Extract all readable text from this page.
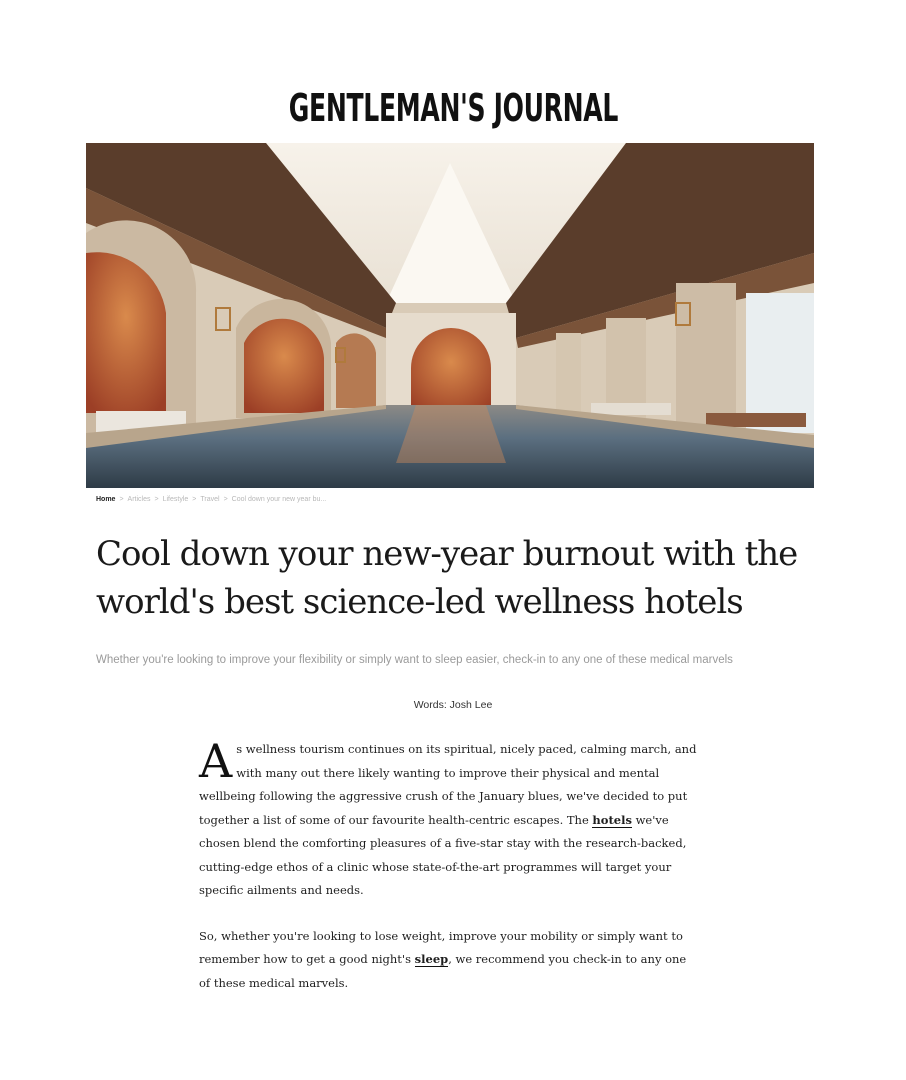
GENTLEMAN'S JOURNAL
Home > Articles > Lifestyle > Travel > Cool down your new year bu...
Cool down your new-year burnout with the world's best science-led wellness hotels

Whether you're looking to improve your flexibility or simply want to sleep easier, check-in to any one of these medical marvels

Words: Josh Lee

As wellness tourism continues on its spiritual, nicely paced, calming march, and with many out there likely wanting to improve their physical and mental wellbeing following the aggressive crush of the January blues, we've decided to put together a list of some of our favourite health-centric escapes. The hotels we've chosen blend the comforting pleasures of a five-star stay with the research-backed, cutting-edge ethos of a clinic whose state-of-the-art programmes will target your specific ailments and needs.

So, whether you're looking to lose weight, improve your mobility or simply want to remember how to get a good night's sleep, we recommend you check-in to any one of these medical marvels.
